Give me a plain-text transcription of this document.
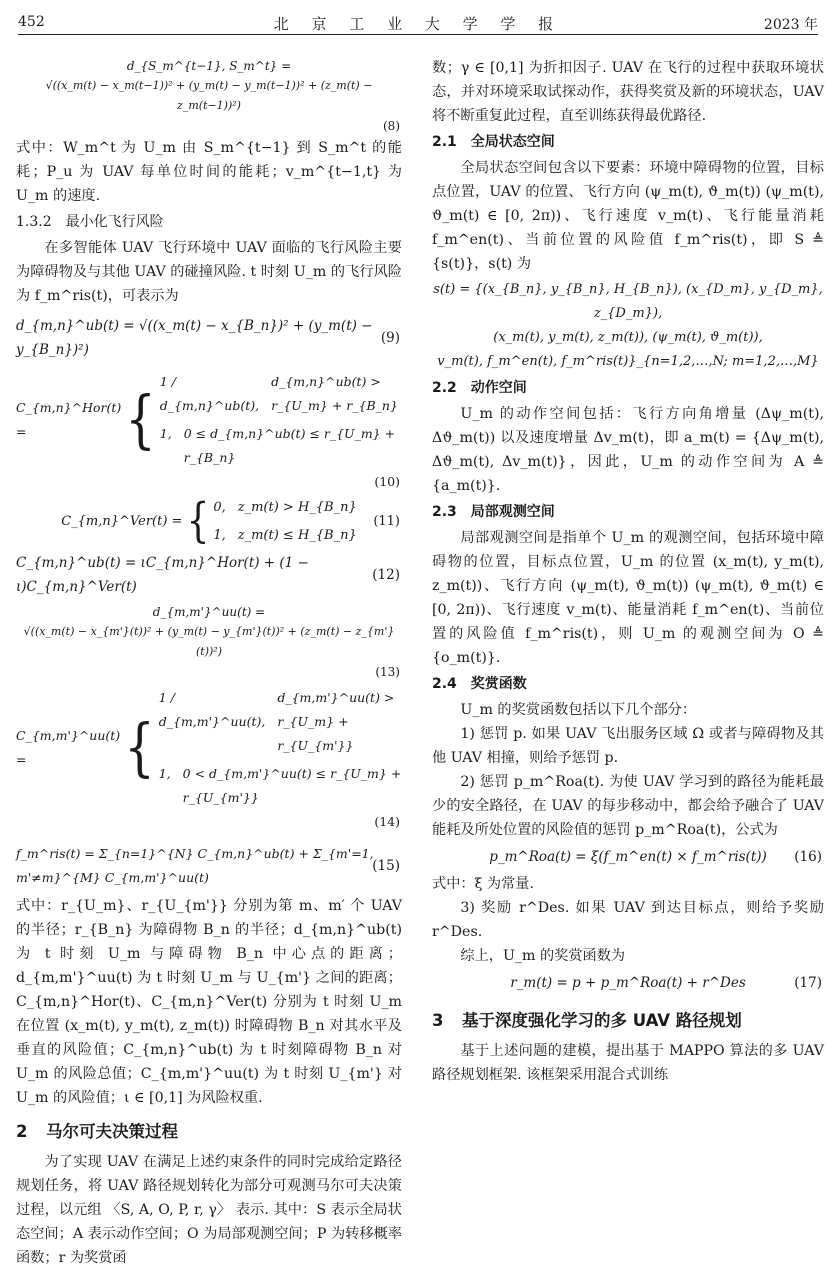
452	北 京 工 业 大 学 学 报	2023 年
d_{S_m^{t−1}, S_m^t} =
√((x_m(t) − x_m(t−1))² + (y_m(t) − y_m(t−1))² + (z_m(t) − z_m(t−1))²)
(8)

式中：W_m^t 为 U_m 由 S_m^{t−1} 到 S_m^t 的能耗；P_u 为 UAV 每单位时间的能耗；v_m^{t−1,t} 为 U_m 的速度.

1.3.2　最小化飞行风险

在多智能体 UAV 飞行环境中 UAV 面临的飞行风险主要为障碍物及与其他 UAV 的碰撞风险. t 时刻 U_m 的飞行风险为 f_m^ris(t)，可表示为

d_{m,n}^ub(t) = √((x_m(t) − x_{B_n})² + (y_m(t) − y_{B_n})²)
(9)
C_{m,n}^Hor(t) =	{
1 / d_{m,n}^ub(t),
d_{m,n}^ub(t) > r_{U_m} + r_{B_n}
1, 0 ≤ d_{m,n}^ub(t) ≤ r_{U_m} + r_{B_n}
(10)
C_{m,n}^Ver(t) = { 0, z_m(t) > H_{B_n}
1, z_m(t) ≤ H_{B_n}
(11)
C_{m,n}^ub(t) = ιC_{m,n}^Hor(t) + (1 − ι)C_{m,n}^Ver(t)
(12)
d_{m,m'}^uu(t) =
√((x_m(t) − x_{m'}(t))² + (y_m(t) − y_{m'}(t))² + (z_m(t) − z_{m'}(t))²)
(13)
C_{m,m'}^uu(t) =	{
1 / d_{m,m'}^uu(t),
d_{m,m'}^uu(t) > r_{U_m} + r_{U_{m'}}
1, 0 < d_{m,m'}^uu(t) ≤ r_{U_m} + r_{U_{m'}}
(14)
f_m^ris(t) = Σ_{n=1}^{N} C_{m,n}^ub(t) + Σ_{m'=1, m'≠m}^{M} C_{m,m'}^uu(t)
(15)

式中：r_{U_m}、r_{U_{m'}} 分别为第 m、m′ 个 UAV 的半径；r_{B_n} 为障碍物 B_n 的半径；d_{m,n}^ub(t) 为 t 时刻 U_m 与障碍物 B_n 中心点的距离；d_{m,m'}^uu(t) 为 t 时刻 U_m 与 U_{m'} 之间的距离；C_{m,n}^Hor(t)、C_{m,n}^Ver(t) 分别为 t 时刻 U_m 在位置 (x_m(t), y_m(t), z_m(t)) 时障碍物 B_n 对其水平及垂直的风险值；C_{m,n}^ub(t) 为 t 时刻障碍物 B_n 对 U_m 的风险总值；C_{m,m'}^uu(t) 为 t 时刻 U_{m'} 对 U_m 的风险值；ι ∈ [0,1] 为风险权重.

2 马尔可夫决策过程

为了实现 UAV 在满足上述约束条件的同时完成给定路径规划任务，将 UAV 路径规划转化为部分可观测马尔可夫决策过程，以元组 〈S, A, O, P, r, γ〉 表示. 其中：S 表示全局状态空间；A 表示动作空间；O 为局部观测空间；P 为转移概率函数；r 为奖赏函

数；γ ∈ [0,1] 为折扣因子. UAV 在飞行的过程中获取环境状态，并对环境采取试探动作，获得奖赏及新的环境状态，UAV 将不断重复此过程，直至训练获得最优路径.

2.1　全局状态空间

全局状态空间包含以下要素：环境中障碍物的位置，目标点位置，UAV 的位置、飞行方向 (ψ_m(t), ϑ_m(t)) (ψ_m(t), ϑ_m(t) ∈ [0, 2π))、飞行速度 v_m(t)、飞行能量消耗 f_m^en(t)、当前位置的风险值 f_m^ris(t)，即 S ≜ {s(t)}，s(t) 为

s(t) = {(x_{B_n}, y_{B_n}, H_{B_n}), (x_{D_m}, y_{D_m}, z_{D_m}),
(x_m(t), y_m(t), z_m(t)), (ψ_m(t), ϑ_m(t)),
v_m(t), f_m^en(t), f_m^ris(t)}_{n=1,2,…,N; m=1,2,…,M}
2.2　动作空间

U_m 的动作空间包括：飞行方向角增量 (Δψ_m(t), Δϑ_m(t)) 以及速度增量 Δv_m(t)，即 a_m(t) = {Δψ_m(t), Δϑ_m(t), Δv_m(t)}，因此，U_m 的动作空间为 A ≜ {a_m(t)}.

2.3　局部观测空间

局部观测空间是指单个 U_m 的观测空间，包括环境中障碍物的位置，目标点位置，U_m 的位置 (x_m(t), y_m(t), z_m(t))、飞行方向 (ψ_m(t), ϑ_m(t)) (ψ_m(t), ϑ_m(t) ∈ [0, 2π))、飞行速度 v_m(t)、能量消耗 f_m^en(t)、当前位置的风险值 f_m^ris(t)，则 U_m 的观测空间为 O ≜ {o_m(t)}.

2.4　奖赏函数

U_m 的奖赏函数包括以下几个部分：

1) 惩罚 p. 如果 UAV 飞出服务区域 Ω 或者与障碍物及其他 UAV 相撞，则给予惩罚 p.

2) 惩罚 p_m^Roa(t). 为使 UAV 学习到的路径为能耗最少的安全路径，在 UAV 的每步移动中，都会给予融合了 UAV 能耗及所处位置的风险值的惩罚 p_m^Roa(t)，公式为

p_m^Roa(t) = ξ(f_m^en(t) × f_m^ris(t)) (16)

式中：ξ 为常量.

3) 奖励 r^Des. 如果 UAV 到达目标点，则给予奖励 r^Des.

综上，U_m 的奖赏函数为

r_m(t) = p + p_m^Roa(t) + r^Des	(17)
3 基于深度强化学习的多 UAV 路径规划

基于上述问题的建模，提出基于 MAPPO 算法的多 UAV 路径规划框架. 该框架采用混合式训练
